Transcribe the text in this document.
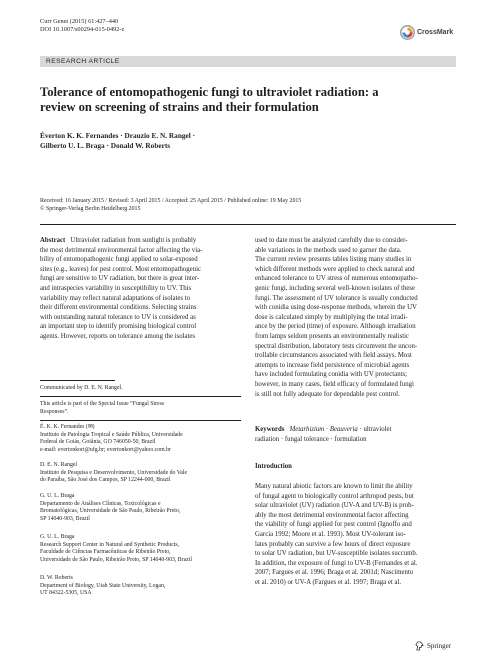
Curr Genet (2015) 61:427–440
DOI 10.1007/s00294-015-0492-z	CrossMark
RESEARCH ARTICLE
Tolerance of entomopathogenic fungi to ultraviolet radiation: a
review on screening of strains and their formulation
Éverton K. K. Fernandes · Drauzio E. N. Rangel ·
Gilberto U. L. Braga · Donald W. Roberts
Received: 16 January 2015 / Revised: 3 April 2015 / Accepted: 25 April 2015 / Published online: 19 May 2015
© Springer-Verlag Berlin Heidelberg 2015
Abstract Ultraviolet radiation from sunlight is probably
the most detrimental environmental factor affecting the via-
bility of entomopathogenic fungi applied to solar-exposed
sites (e.g., leaves) for pest control. Most entomopathogenic
fungi are sensitive to UV radiation, but there is great inter-
and intraspecies variability in susceptibility to UV. This
variability may reflect natural adaptations of isolates to
their different environmental conditions. Selecting strains
with outstanding natural tolerance to UV is considered as
an important step to identify promising biological control
agents. However, reports on tolerance among the isolates
used to date must be analyzed carefully due to consider-
able variations in the methods used to garner the data.
The current review presents tables listing many studies in
which different methods were applied to check natural and
enhanced tolerance to UV stress of numerous entomopatho-
genic fungi, including several well-known isolates of these
fungi. The assessment of UV tolerance is usually conducted
with conidia using dose-response methods, wherein the UV
dose is calculated simply by multiplying the total irradi-
ance by the period (time) of exposure. Although irradiation
from lamps seldom presents an environmentally realistic
spectral distribution, laboratory tests circumvent the uncon-
trollable circumstances associated with field assays. Most
attempts to increase field persistence of microbial agents
have included formulating conidia with UV protectants;
however, in many cases, field efficacy of formulated fungi
is still not fully adequate for dependable pest control.
Communicated by D. E. N. Rangel.
This article is part of the Special Issue “Fungal Stress
Responses”.
É. K. K. Fernandes (✉)
Instituto de Patologia Tropical e Saúde Pública, Universidade
Federal de Goiás, Goiânia, GO 746050-50, Brazil
e-mail: evertonkort@ufg.br; evertonkort@yahoo.com.br
D. E. N. Rangel
Instituto de Pesquisa e Desenvolvimento, Universidade do Vale
do Paraíba, São José dos Campos, SP 12244-000, Brazil
G. U. L. Braga
Departamento de Análises Clínicas, Toxicológicas e
Bromatológicas, Universidade de São Paulo, Ribeirão Preto,
SP 14040-903, Brazil
G. U. L. Braga
Research Support Center in Natural and Synthetic Products,
Faculdade de Ciências Farmacêuticas de Ribeirão Preto,
Universidade de São Paulo, Ribeirão Preto, SP 14040-903, Brazil
D. W. Roberts
Department of Biology, Utah State University, Logan,
UT 84322-5305, USA
Keywords Metarhizium · Beauveria · ultraviolet
radiation · fungal tolerance · formulation
Introduction
Many natural abiotic factors are known to limit the ability
of fungal agent to biologically control arthropod pests, but
solar ultraviolet (UV) radiation (UV-A and UV-B) is prob-
ably the most detrimental environmental factor affecting
the viability of fungi applied for pest control (Ignoffo and
Garcia 1992; Moore et al. 1993). Most UV-tolerant iso-
lates probably can survive a few hours of direct exposure
to solar UV radiation, but UV-susceptible isolates succumb.
In addition, the exposure of fungi to UV-B (Fernandes et al.
2007; Fargues et al. 1996; Braga et al. 2001d; Nascimento
et al. 2010) or UV-A (Fargues et al. 1997; Braga et al.
Springer
